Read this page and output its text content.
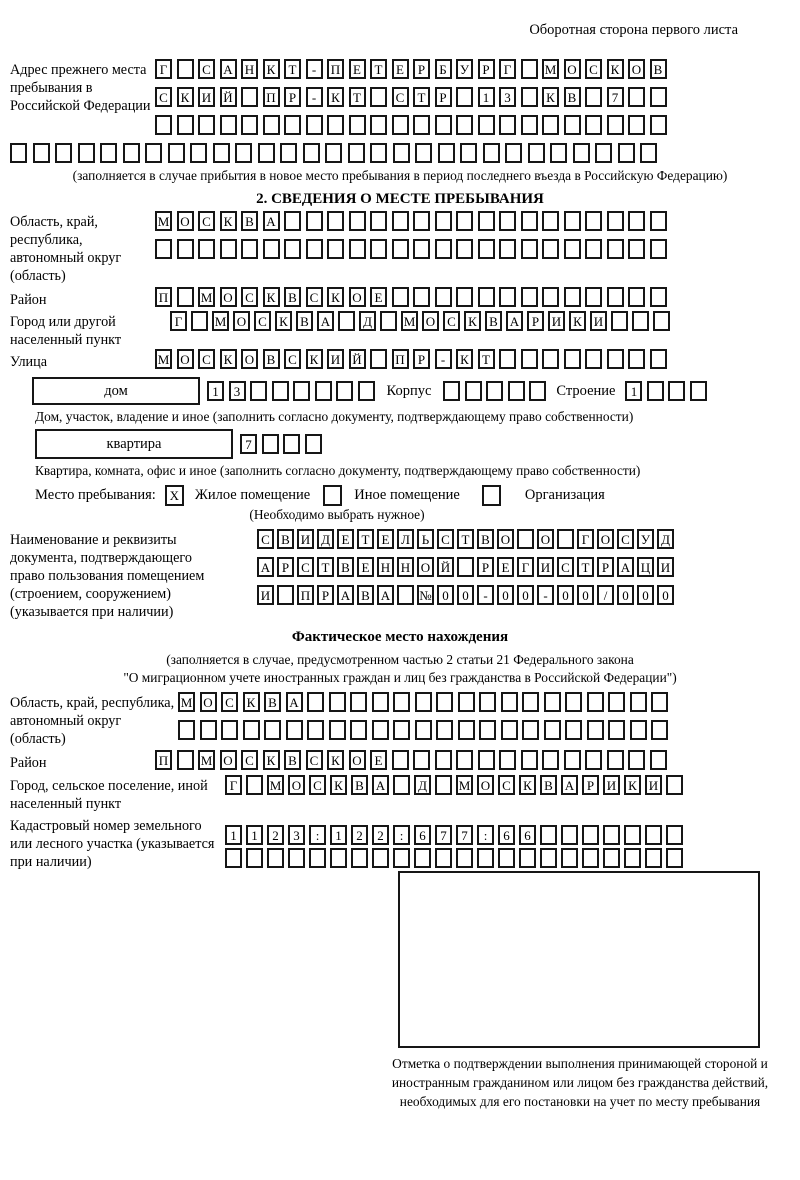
Оборотная сторона первого листа
Адрес прежнего места пребывания в Российской Федерации
Г	С А Н К	Т	-	П Е	Т	Е	Р	Б	У	Р	Г	М О С К О В
С К И Й	П	Р	-	К	Т	С	Т	Р	1	3	К В	7
(заполняется в случае прибытия в новое место пребывания в период последнего въезда в Российскую Федерацию)
2. СВЕДЕНИЯ О МЕСТЕ ПРЕБЫВАНИЯ
Область, край, республика, автономный округ (область)
М О С К В А
Район	П	М О С К В С К О Е
Город или другой населенный пункт
Г	М О С К В А	Д	М О С К В А Р И К И
Улица	М О С К О В С К И Й	П	Р	-	К	Т
дом	1	3	Корпус	Строение	1
Дом, участок, владение и иное (заполнить согласно документу, подтверждающему право собственности)
квартира	7
Квартира, комната, офис и иное (заполнить согласно документу, подтверждающему право собственности)
Место пребывания:	X	Жилое помещение	Иное помещение	Организация
(Необходимо выбрать нужное)
Наименование и реквизиты документа, подтверждающего право пользования помещением (строением, сооружением) (указывается при наличии)
С В И Д Е Т Е Л Ь С Т В О О	Г О С У Д
А Р С Т В Е Н Н О Й	Р Е Г И С Т Р А Ц И
И П Р А В А № 0	0	-	0	0	-	0	0	/	0	0	0
Фактическое место нахождения
(заполняется в случае, предусмотренном частью 2 статьи 21 Федерального закона
"О миграционном учете иностранных граждан и лиц без гражданства в Российской Федерации")
Область, край, республика, автономный округ (область)
М О С К В А
Район	П	М О С К В С К О Е
Город, сельское поселение, иной населенный пункт
Г	М О С К В А	Д	М О С К В А Р И К И
Кадастровый номер земельного или лесного участка (указывается при наличии)
1	1	2	3	:	1	2	2	:	6	7	7	:	6	6
Отметка о подтверждении выполнения принимающей стороной и иностранным гражданином или лицом без гражданства действий, необходимых для его постановки на учет по месту пребывания
